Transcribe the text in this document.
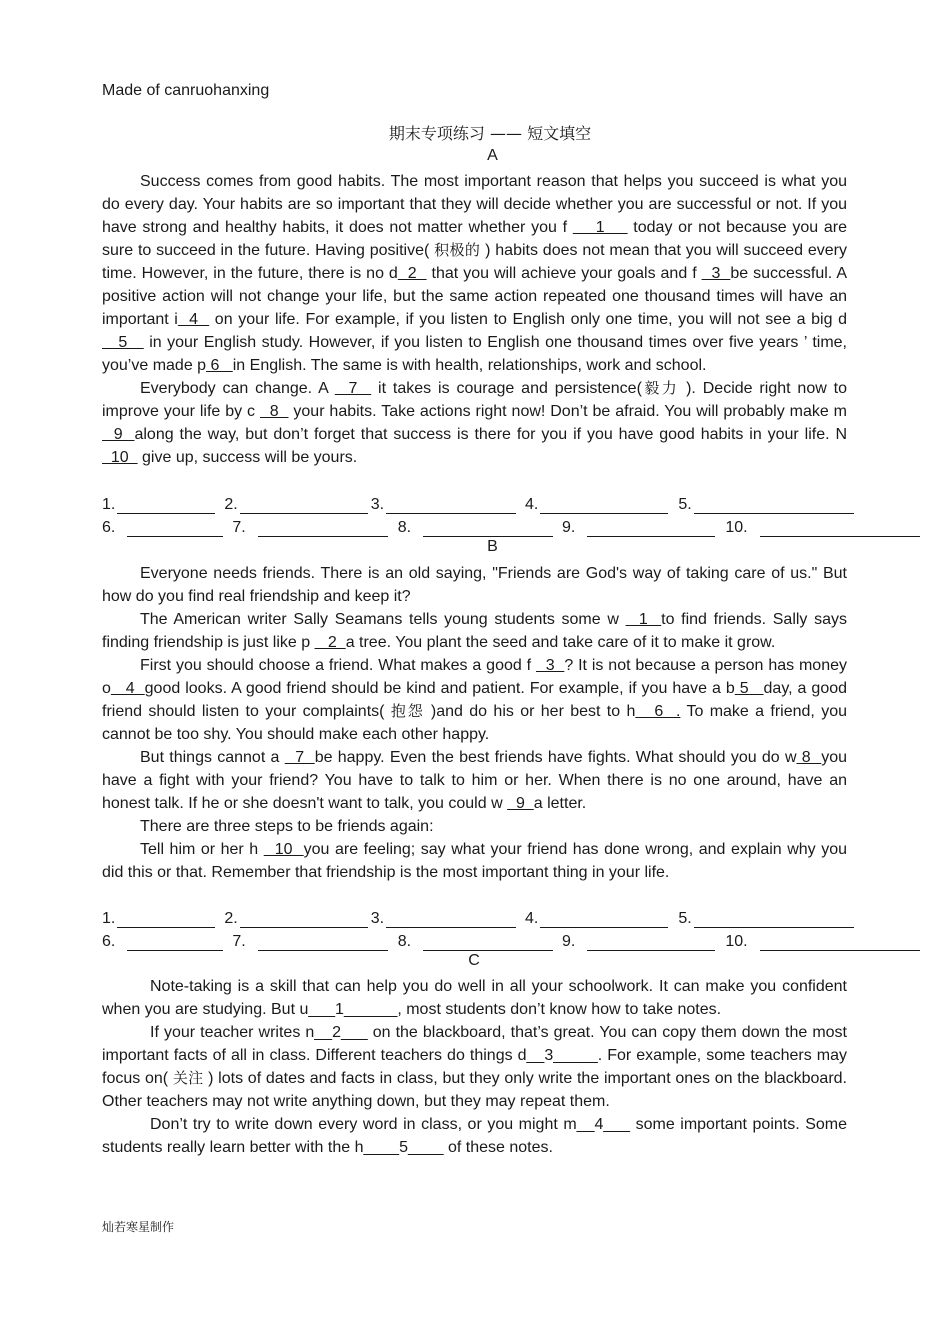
Made of canruohanxing
期末专项练习 —— 短文填空
A

Success comes from good habits. The most important reason that helps you succeed is what you do every day. Your habits are so important that they will decide whether you are successful or not. If you have strong and healthy habits, it does not matter whether you f     1     today or not because you are sure to succeed in the future. Having positive( 积极的 ) habits does not mean that you will succeed every time. However, in the future, there is no d  2   that you will achieve your goals and f   3  be successful. A positive action will not change your life, but the same action repeated one thousand times will have an important i  4   on your life. For example, if you listen to English only one time, you will not see a big d    5    in your English study. However, if you listen to English one thousand times over five years ’ time, you’ve made p 6   in English. The same is with health, relationships, work and school.

Everybody can change. A   7   it takes is courage and persistence(毅力 ). Decide right now to improve your life by c   8   your habits. Take actions right now! Don’t be afraid. You will probably make m   9  along the way, but don’t forget that success is there for you if you have good habits in your life. N   10   give up, success will be yours.

1.	2.	3.	4.	5.
6.	7.	8.	9.	10.
B

Everyone needs friends. There is an old saying, "Friends are God's way of taking care of us." But how do you find real friendship and keep it?

The American writer Sally Seamans tells young students some w   1  to find friends. Sally says finding friendship is just like p    2  a tree. You plant the seed and take care of it to make it grow.

First you should choose a friend. What makes a good f   3  ? It is not because a person has money o   4  good looks. A good friend should be kind and patient. For example, if you have a b 5   day, a good friend should listen to your complaints( 抱怨 )and do his or her best to h   6  . To make a friend, you cannot be too shy. You should make each other happy.

But things cannot a   7  be happy. Even the best friends have fights. What should you do w 8  you have a fight with your friend? You have to talk to him or her. When there is no one around, have an honest talk. If he or she doesn't want to talk, you could w   9  a letter.

There are three steps to be friends again:

Tell him or her h   10  you are feeling; say what your friend has done wrong, and explain why you did this or that. Remember that friendship is the most important thing in your life.

1.	2.	3.	4.	5.
6.	7.	8.	9.	10.
C

Note-taking is a skill that can help you do well in all your schoolwork. It can make you confident when you are studying. But u___1______, most students don’t know how to take notes.

If your teacher writes n__2___ on the blackboard, that’s great. You can copy them down the most important facts of all in class. Different teachers do things d__3_____. For example, some teachers may focus on( 关注 ) lots of dates and facts in class, but they only write the important ones on the blackboard. Other teachers may not write anything down, but they may repeat them.

Don’t try to write down every word in class, or you might m__4___ some important points. Some students really learn better with the h____5____ of these notes.

灿若寒星制作
